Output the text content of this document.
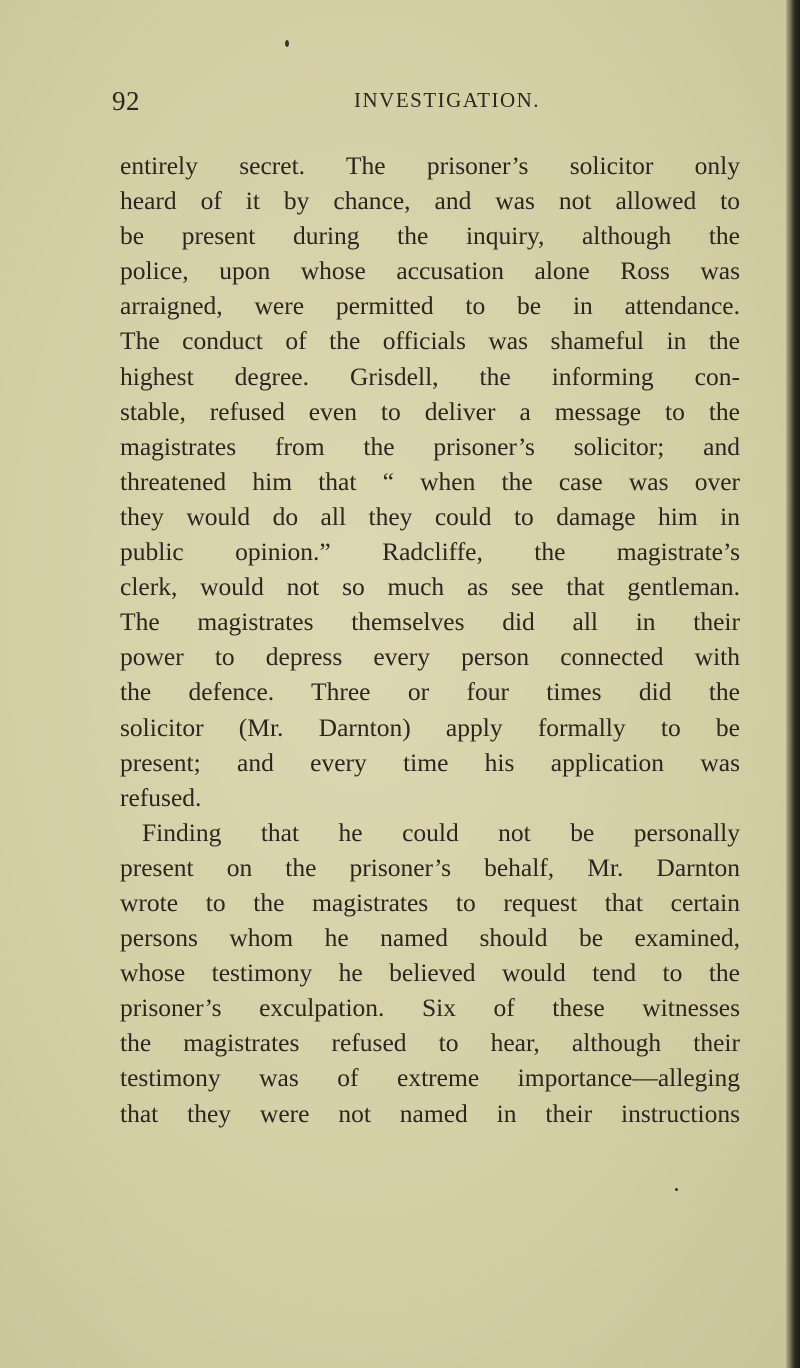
92	INVESTIGATION.
entirely secret. The prisoner’s solicitor only
heard of it by chance, and was not allowed to
be present during the inquiry, although the
police, upon whose accusation alone Ross was
arraigned, were permitted to be in attendance.
The conduct of the officials was shameful in the
highest degree. Grisdell, the informing con-
stable, refused even to deliver a message to the
magistrates from the prisoner’s solicitor; and
threatened him that “ when the case was over
they would do all they could to damage him in
public opinion.” Radcliffe, the magistrate’s
clerk, would not so much as see that gentleman.
The magistrates themselves did all in their
power to depress every person connected with
the defence. Three or four times did the
solicitor (Mr. Darnton) apply formally to be
present; and every time his application was
refused.
Finding that he could not be personally
present on the prisoner’s behalf, Mr. Darnton
wrote to the magistrates to request that certain
persons whom he named should be examined,
whose testimony he believed would tend to the
prisoner’s exculpation. Six of these witnesses
the magistrates refused to hear, although their
testimony was of extreme importance—alleging
that they were not named in their instructions
